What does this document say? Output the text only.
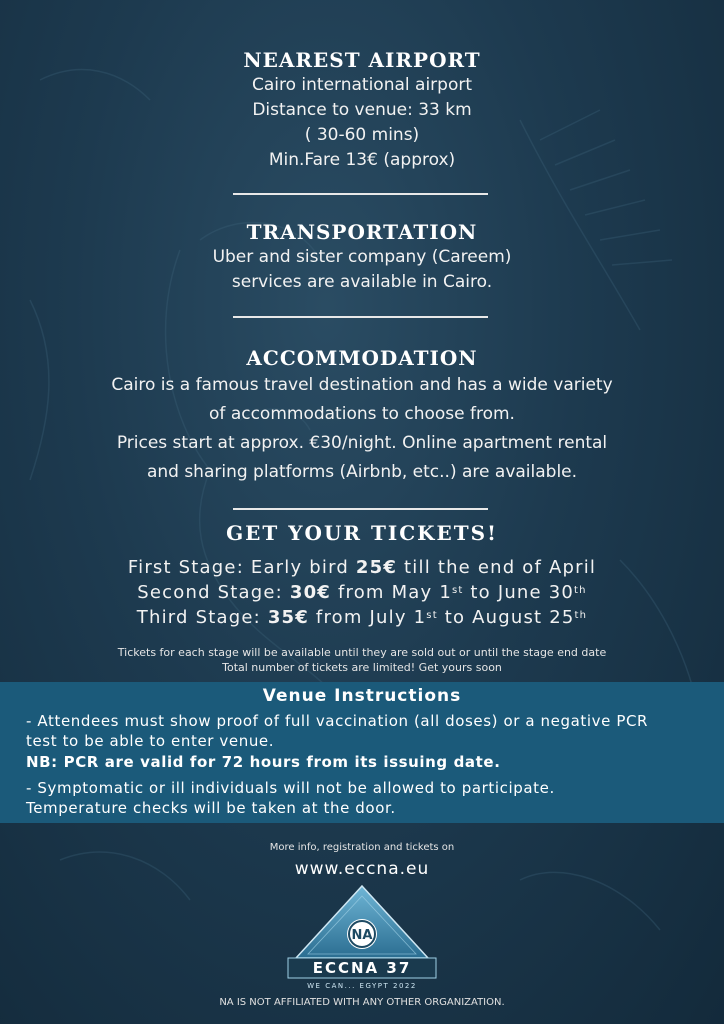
NEAREST AIRPORT
Cairo international airport
Distance to venue: 33 km
( 30-60 mins)
Min.Fare 13€ (approx)
TRANSPORTATION
Uber and sister company (Careem)
services are available in Cairo.
ACCOMMODATION
Cairo is a famous travel destination and has a wide variety
of accommodations to choose from.
Prices start at approx. €30/night. Online apartment rental
and sharing platforms (Airbnb, etc..) are available.
GET YOUR TICKETS!
First Stage: Early bird 25€ till the end of April
Second Stage: 30€ from May 1st to June 30th
Third Stage: 35€ from July 1st to August 25th
Tickets for each stage will be available until they are sold out or until the stage end date
Total number of tickets are limited! Get yours soon
Venue Instructions
- Attendees must show proof of full vaccination (all doses) or a negative PCR
test to be able to enter venue.
NB: PCR are valid for 72 hours from its issuing date.
- Symptomatic or ill individuals will not be allowed to participate.
Temperature checks will be taken at the door.
More info, registration and tickets on
www.eccna.eu
NA
ECCNA 37
WE CAN... EGYPT 2022
NA IS NOT AFFILIATED WITH ANY OTHER ORGANIZATION.
